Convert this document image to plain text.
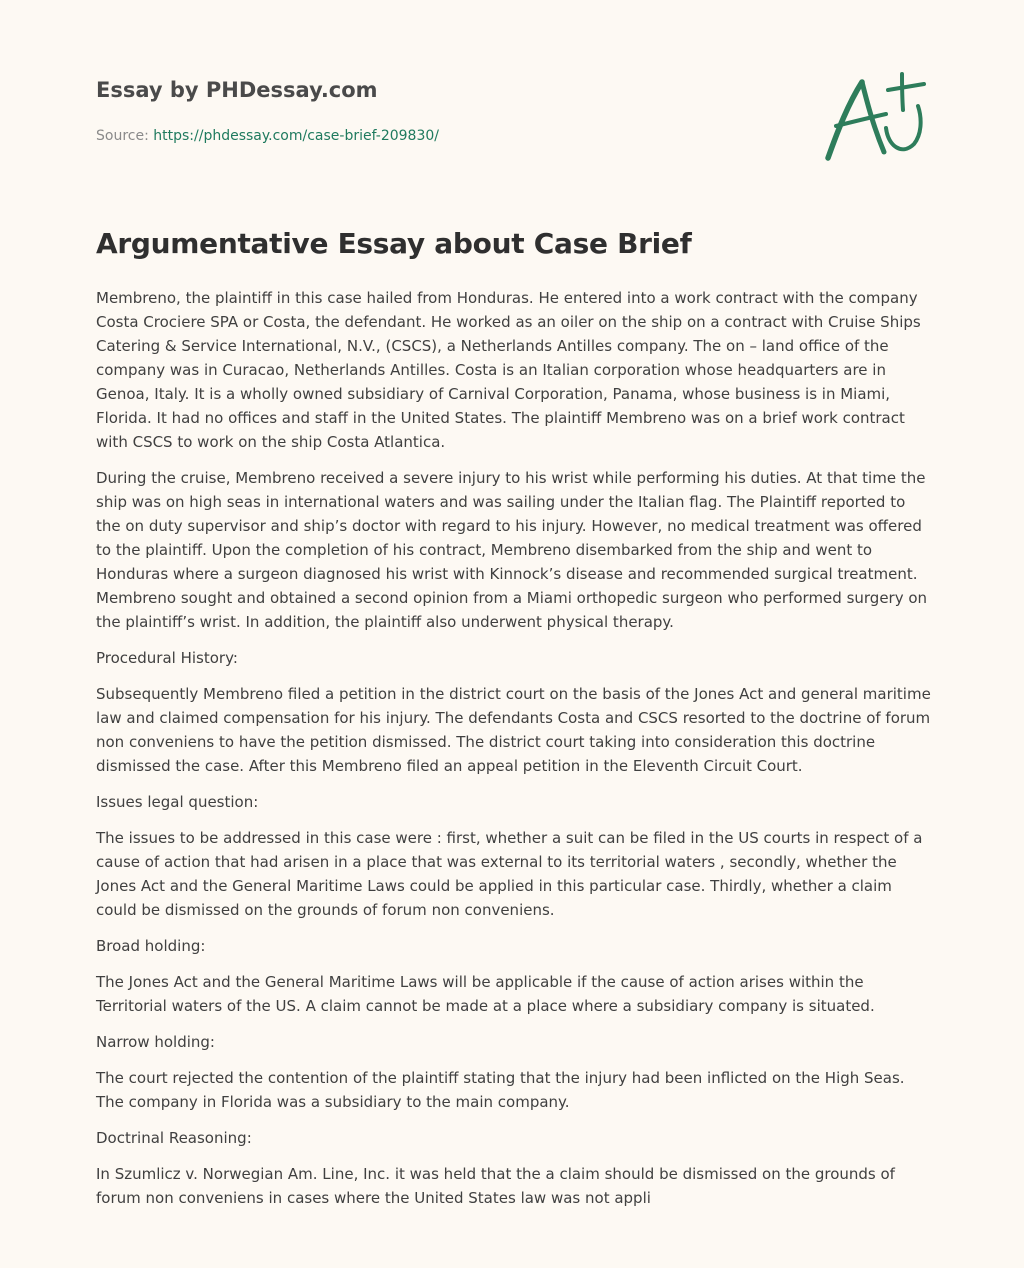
Essay by PHDessay.com
Source: https://phdessay.com/case-brief-209830/
Argumentative Essay about Case Brief

Membreno, the plaintiff in this case hailed from Honduras. He entered into a work contract with the company Costa Crociere SPA or Costa, the defendant. He worked as an oiler on the ship on a contract with Cruise Ships Catering & Service International, N.V., (CSCS), a Netherlands Antilles company. The on – land office of the company was in Curacao, Netherlands Antilles. Costa is an Italian corporation whose headquarters are in Genoa, Italy. It is a wholly owned subsidiary of Carnival Corporation, Panama, whose business is in Miami, Florida. It had no offices and staff in the United States. The plaintiff Membreno was on a brief work contract with CSCS to work on the ship Costa Atlantica.

During the cruise, Membreno received a severe injury to his wrist while performing his duties. At that time the ship was on high seas in international waters and was sailing under the Italian flag. The Plaintiff reported to the on duty supervisor and ship’s doctor with regard to his injury. However, no medical treatment was offered to the plaintiff. Upon the completion of his contract, Membreno disembarked from the ship and went to Honduras where a surgeon diagnosed his wrist with Kinnock’s disease and recommended surgical treatment. Membreno sought and obtained a second opinion from a Miami orthopedic surgeon who performed surgery on the plaintiff’s wrist. In addition, the plaintiff also underwent physical therapy.

Procedural History:

Subsequently Membreno filed a petition in the district court on the basis of the Jones Act and general maritime law and claimed compensation for his injury. The defendants Costa and CSCS resorted to the doctrine of forum non conveniens to have the petition dismissed. The district court taking into consideration this doctrine dismissed the case. After this Membreno filed an appeal petition in the Eleventh Circuit Court.

Issues legal question:

The issues to be addressed in this case were : first, whether a suit can be filed in the US courts in respect of a cause of action that had arisen in a place that was external to its territorial waters , secondly, whether the Jones Act and the General Maritime Laws could be applied in this particular case. Thirdly, whether a claim could be dismissed on the grounds of forum non conveniens.

Broad holding:

The Jones Act and the General Maritime Laws will be applicable if the cause of action arises within the Territorial waters of the US. A claim cannot be made at a place where a subsidiary company is situated.

Narrow holding:

The court rejected the contention of the plaintiff stating that the injury had been inflicted on the High Seas. The company in Florida was a subsidiary to the main company.

Doctrinal Reasoning:

In Szumlicz v. Norwegian Am. Line, Inc. it was held that the a claim should be dismissed on the grounds of forum non conveniens in cases where the United States law was not appli
